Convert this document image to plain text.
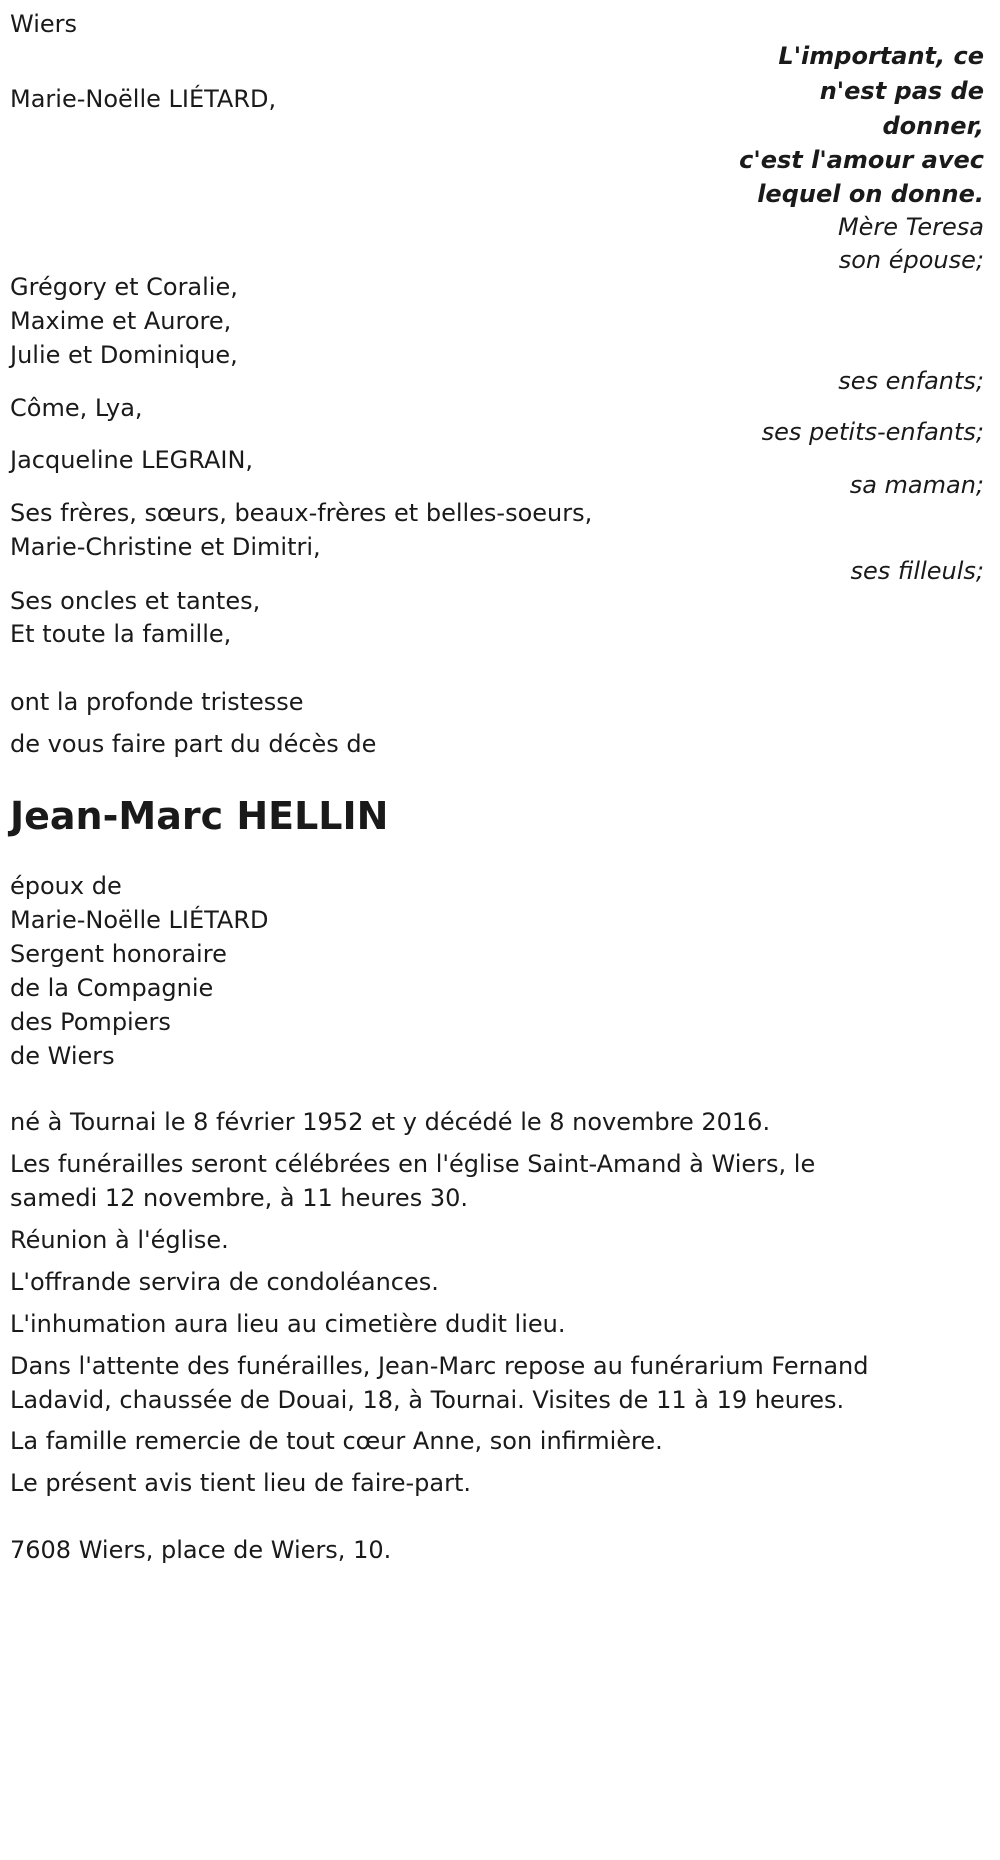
Wiers
L'important, ce
n'est pas de
donner,
c'est l'amour avec
lequel on donne.
Mère Teresa
Marie-Noëlle LIÉTARD,
son épouse;
Grégory et Coralie,
Maxime et Aurore,
Julie et Dominique,
ses enfants;
Côme, Lya,
ses petits-enfants;
Jacqueline LEGRAIN,
sa maman;
Ses frères, sœurs, beaux-frères et belles-soeurs,
Marie-Christine et Dimitri,
ses filleuls;
Ses oncles et tantes,
Et toute la famille,
ont la profonde tristesse
de vous faire part du décès de
Jean-Marc HELLIN
époux de
Marie-Noëlle LIÉTARD
Sergent honoraire
de la Compagnie
des Pompiers
de Wiers
né à Tournai le 8 février 1952 et y décédé le 8 novembre 2016.
Les funérailles seront célébrées en l'église Saint-Amand à Wiers, le
samedi 12 novembre, à 11 heures 30.
Réunion à l'église.
L'offrande servira de condoléances.
L'inhumation aura lieu au cimetière dudit lieu.
Dans l'attente des funérailles, Jean-Marc repose au funérarium Fernand
Ladavid, chaussée de Douai, 18, à Tournai. Visites de 11 à 19 heures.
La famille remercie de tout cœur Anne, son infirmière.
Le présent avis tient lieu de faire-part.
7608 Wiers, place de Wiers, 10.
